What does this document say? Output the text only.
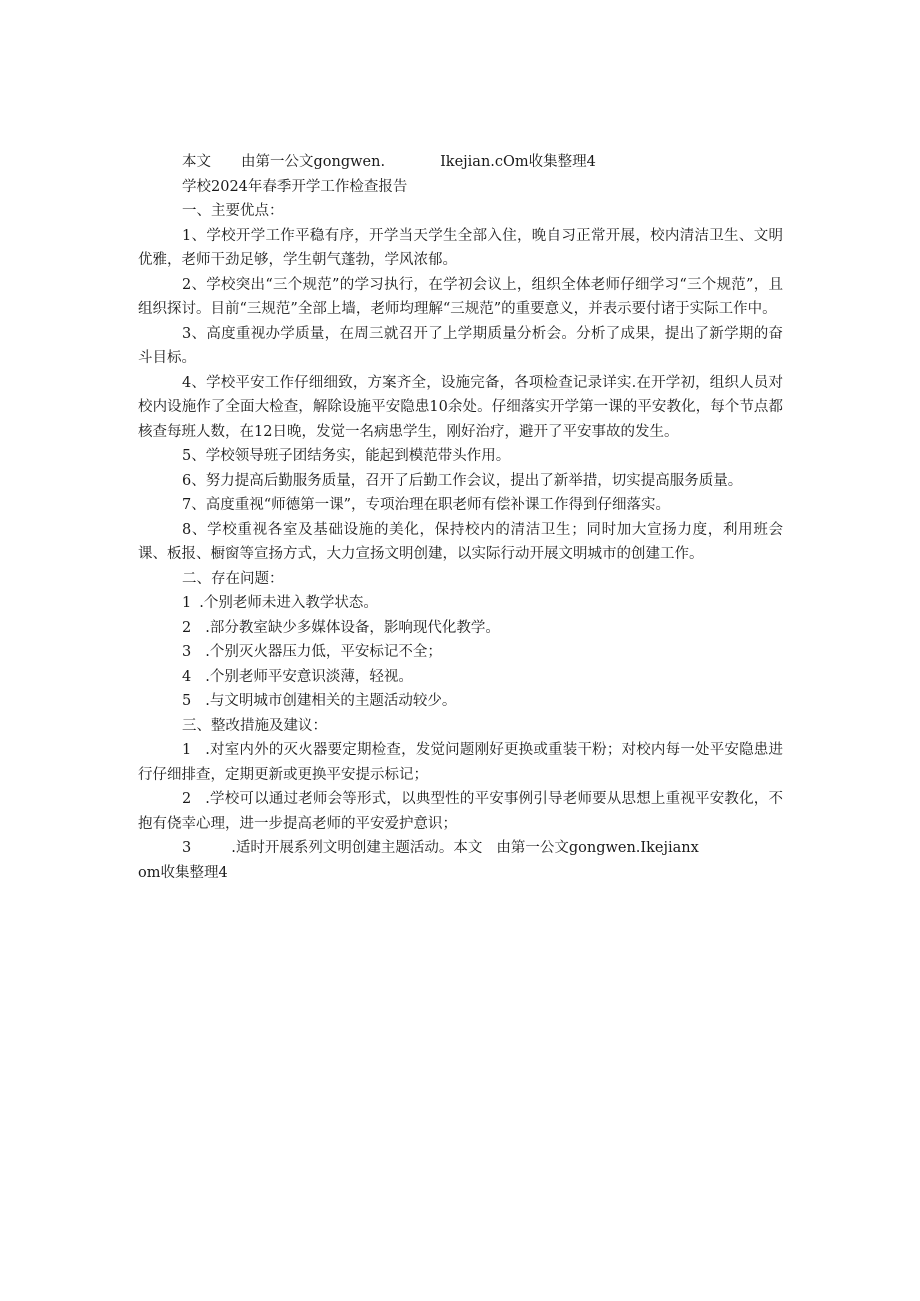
本文 由第一公文gongwen.	Ikejian.cOm收集整理4

学校2024年春季开学工作检查报告

一、主要优点：

1、学校开学工作平稳有序，开学当天学生全部入住，晚自习正常开展，校内清洁卫生、文明优雅，老师干劲足够，学生朝气蓬勃，学风浓郁。

2、学校突出“三个规范”的学习执行，在学初会议上，组织全体老师仔细学习“三个规范”，且组织探讨。目前“三规范”全部上墙，老师均理解“三规范”的重要意义，并表示要付诸于实际工作中。

3、高度重视办学质量，在周三就召开了上学期质量分析会。分析了成果，提出了新学期的奋斗目标。

4、学校平安工作仔细细致，方案齐全，设施完备，各项检查记录详实.在开学初，组织人员对校内设施作了全面大检查，解除设施平安隐患10余处。仔细落实开学第一课的平安教化，每个节点都核查每班人数，在12日晚，发觉一名病患学生，刚好治疗，避开了平安事故的发生。

5、学校领导班子团结务实，能起到模范带头作用。

6、努力提高后勤服务质量，召开了后勤工作会议，提出了新举措，切实提高服务质量。

7、高度重视“师德第一课”，专项治理在职老师有偿补课工作得到仔细落实。

8、学校重视各室及基础设施的美化，保持校内的清洁卫生；同时加大宣扬力度，利用班会课、板报、橱窗等宣扬方式，大力宣扬文明创建，以实际行动开展文明城市的创建工作。

二、存在问题：

1 .个别老师未进入教学状态。

2 .部分教室缺少多媒体设备，影响现代化教学。

3 .个别灭火器压力低，平安标记不全；

4 .个别老师平安意识淡薄，轻视。

5 .与文明城市创建相关的主题活动较少。

三、整改措施及建议：

1 .对室内外的灭火器要定期检查，发觉问题刚好更换或重装干粉；对校内每一处平安隐患进行仔细排查，定期更新或更换平安提示标记；

2 .学校可以通过老师会等形式，以典型性的平安事例引导老师要从思想上重视平安教化，不抱有侥幸心理，进一步提高老师的平安爱护意识；

3	.适时开展系列文明创建主题活动。本文 由第一公文gongwen.Ikejianx

om收集整理4
